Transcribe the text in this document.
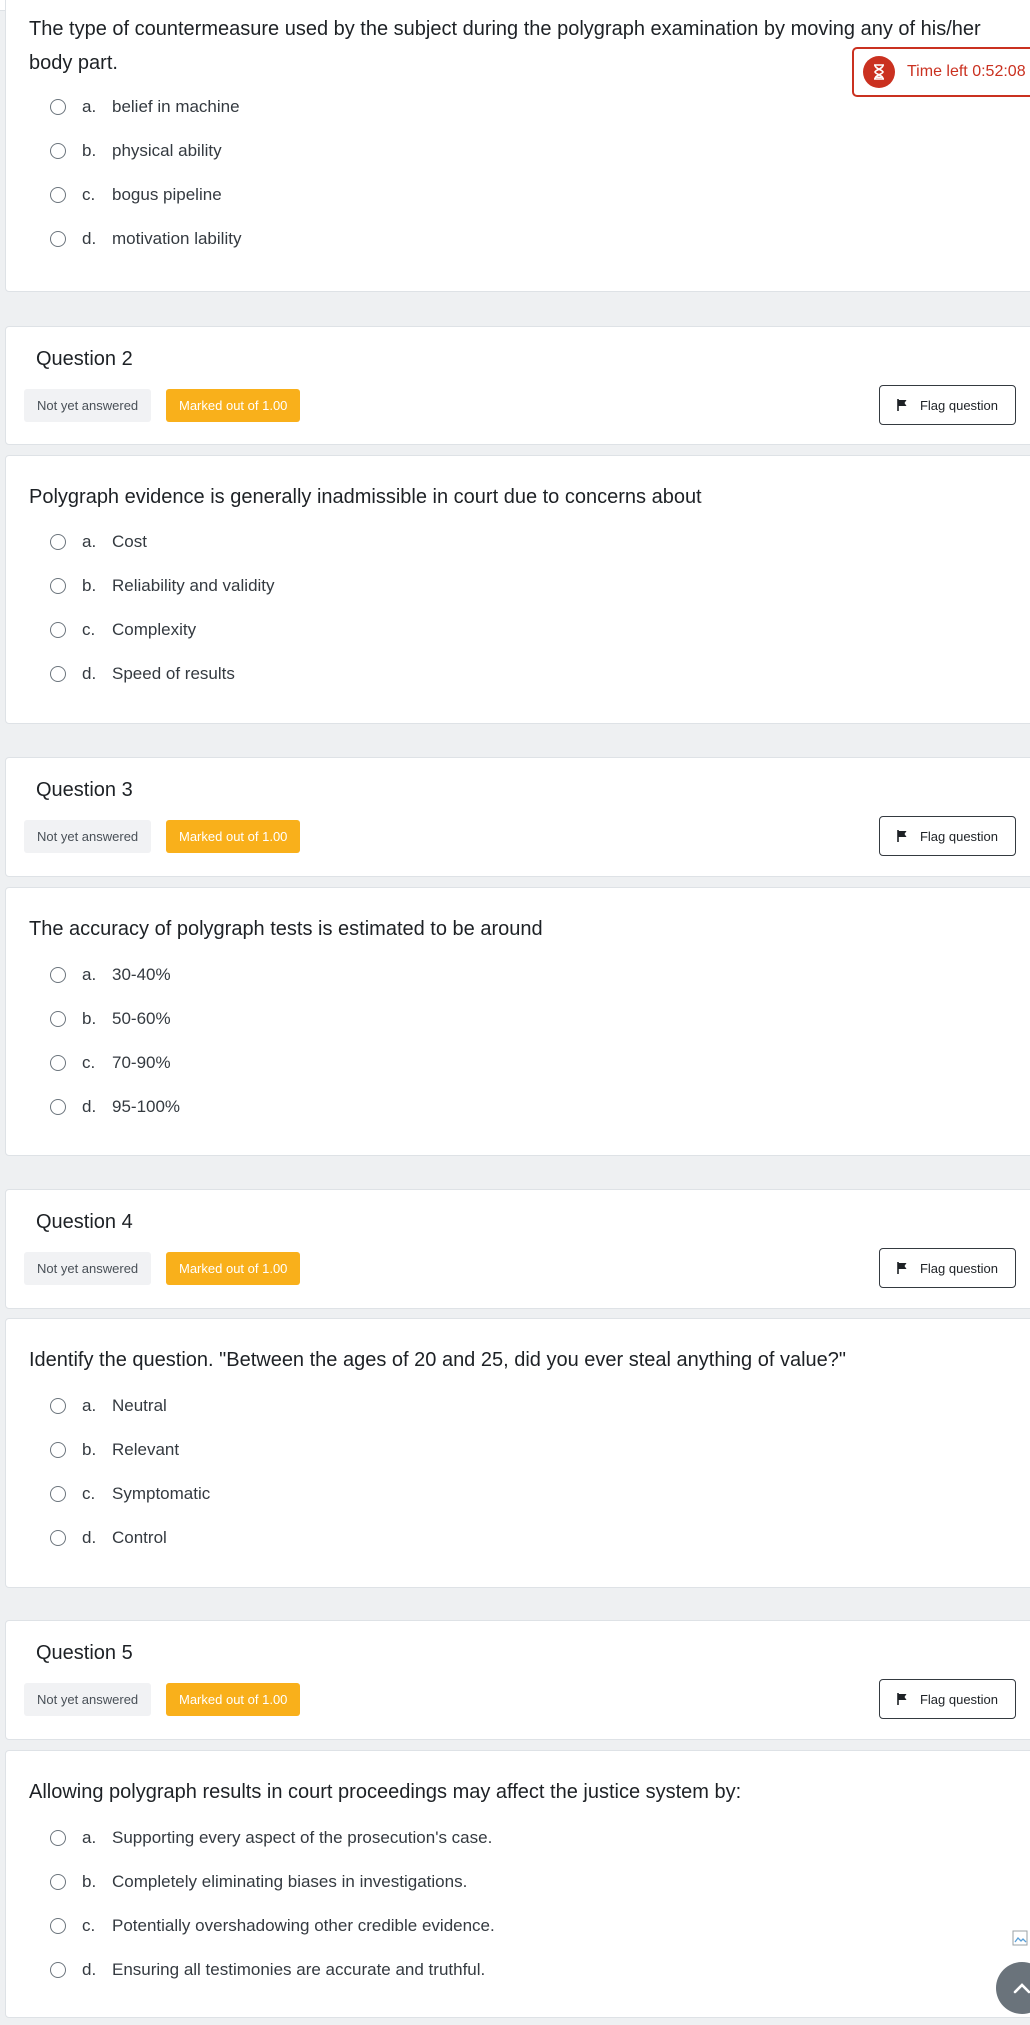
The type of countermeasure used by the subject during the polygraph examination by moving any of his/her body part.
a. belief in machine
b. physical ability
c. bogus pipeline
d. motivation lability
Time left
0:52:08
Question 2
Not yet answered	Marked out of 1.00	Flag question
Polygraph evidence is generally inadmissible in court due to concerns about
a. Cost
b. Reliability and validity
c. Complexity
d. Speed of results
Question 3
Not yet answered	Marked out of 1.00	Flag question
The accuracy of polygraph tests is estimated to be around
a. 30-40%
b. 50-60%
c. 70-90%
d. 95-100%
Question 4
Not yet answered	Marked out of 1.00	Flag question
Identify the question. "Between the ages of 20 and 25, did you ever steal anything of value?"
a. Neutral
b. Relevant
c. Symptomatic
d. Control
Question 5
Not yet answered	Marked out of 1.00	Flag question
Allowing polygraph results in court proceedings may affect the justice system by:
a. Supporting every aspect of the prosecution's case.
b. Completely eliminating biases in investigations.
c. Potentially overshadowing other credible evidence.
d. Ensuring all testimonies are accurate and truthful.
